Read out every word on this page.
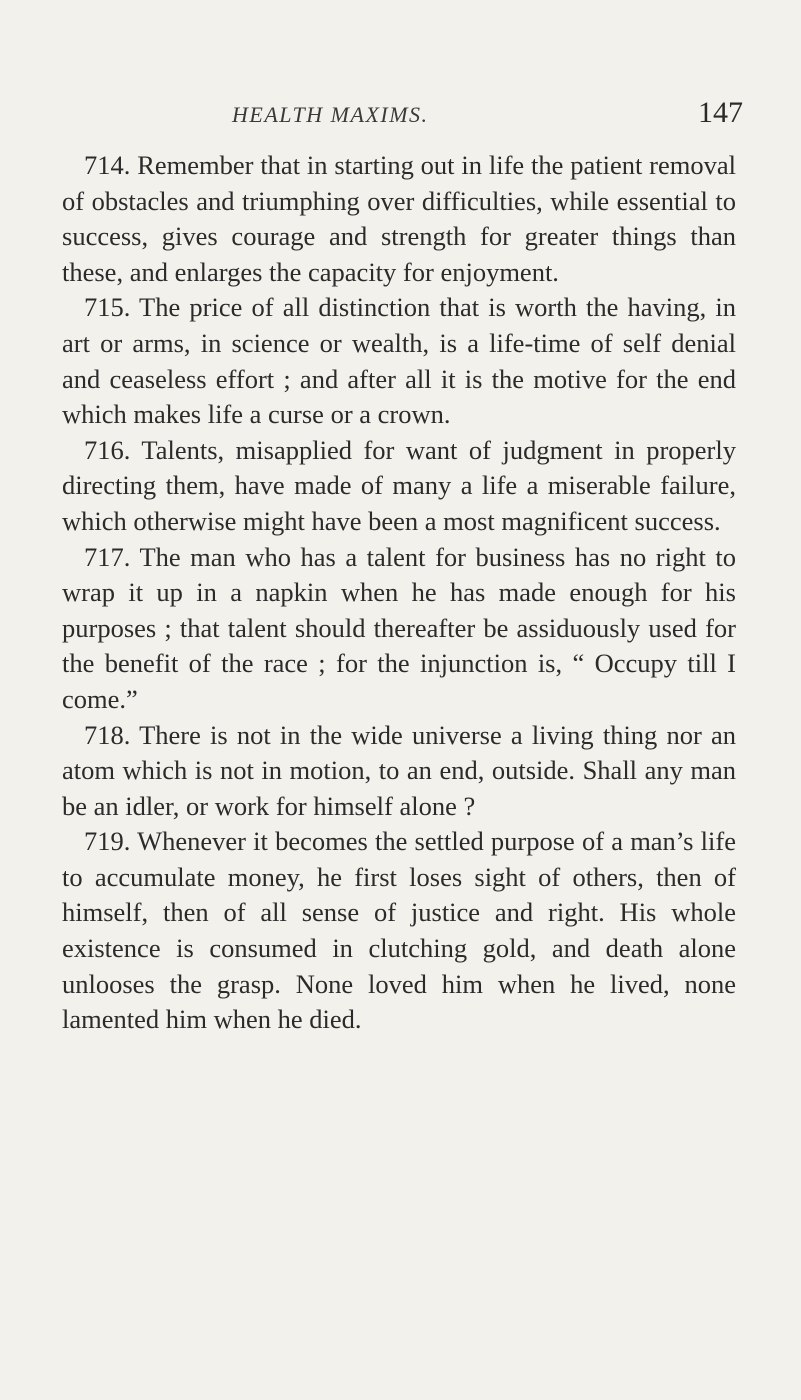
HEALTH MAXIMS.	147

714. Remember that in starting out in life the patient removal of obstacles and triumphing over difficulties, while essential to success, gives courage and strength for greater things than these, and enlarges the capacity for enjoyment.

715. The price of all distinction that is worth the having, in art or arms, in science or wealth, is a life-time of self denial and ceaseless effort ; and after all it is the motive for the end which makes life a curse or a crown.

716. Talents, misapplied for want of judgment in properly directing them, have made of many a life a miserable failure, which otherwise might have been a most magnificent success.

717. The man who has a talent for business has no right to wrap it up in a napkin when he has made enough for his purposes ; that talent should thereafter be assiduously used for the benefit of the race ; for the injunction is, “ Occupy till I come.”

718. There is not in the wide universe a living thing nor an atom which is not in motion, to an end, outside. Shall any man be an idler, or work for himself alone ?

719. Whenever it becomes the settled purpose of a man’s life to accumulate money, he first loses sight of others, then of himself, then of all sense of justice and right. His whole existence is consumed in clutching gold, and death alone unlooses the grasp. None loved him when he lived, none lamented him when he died.
